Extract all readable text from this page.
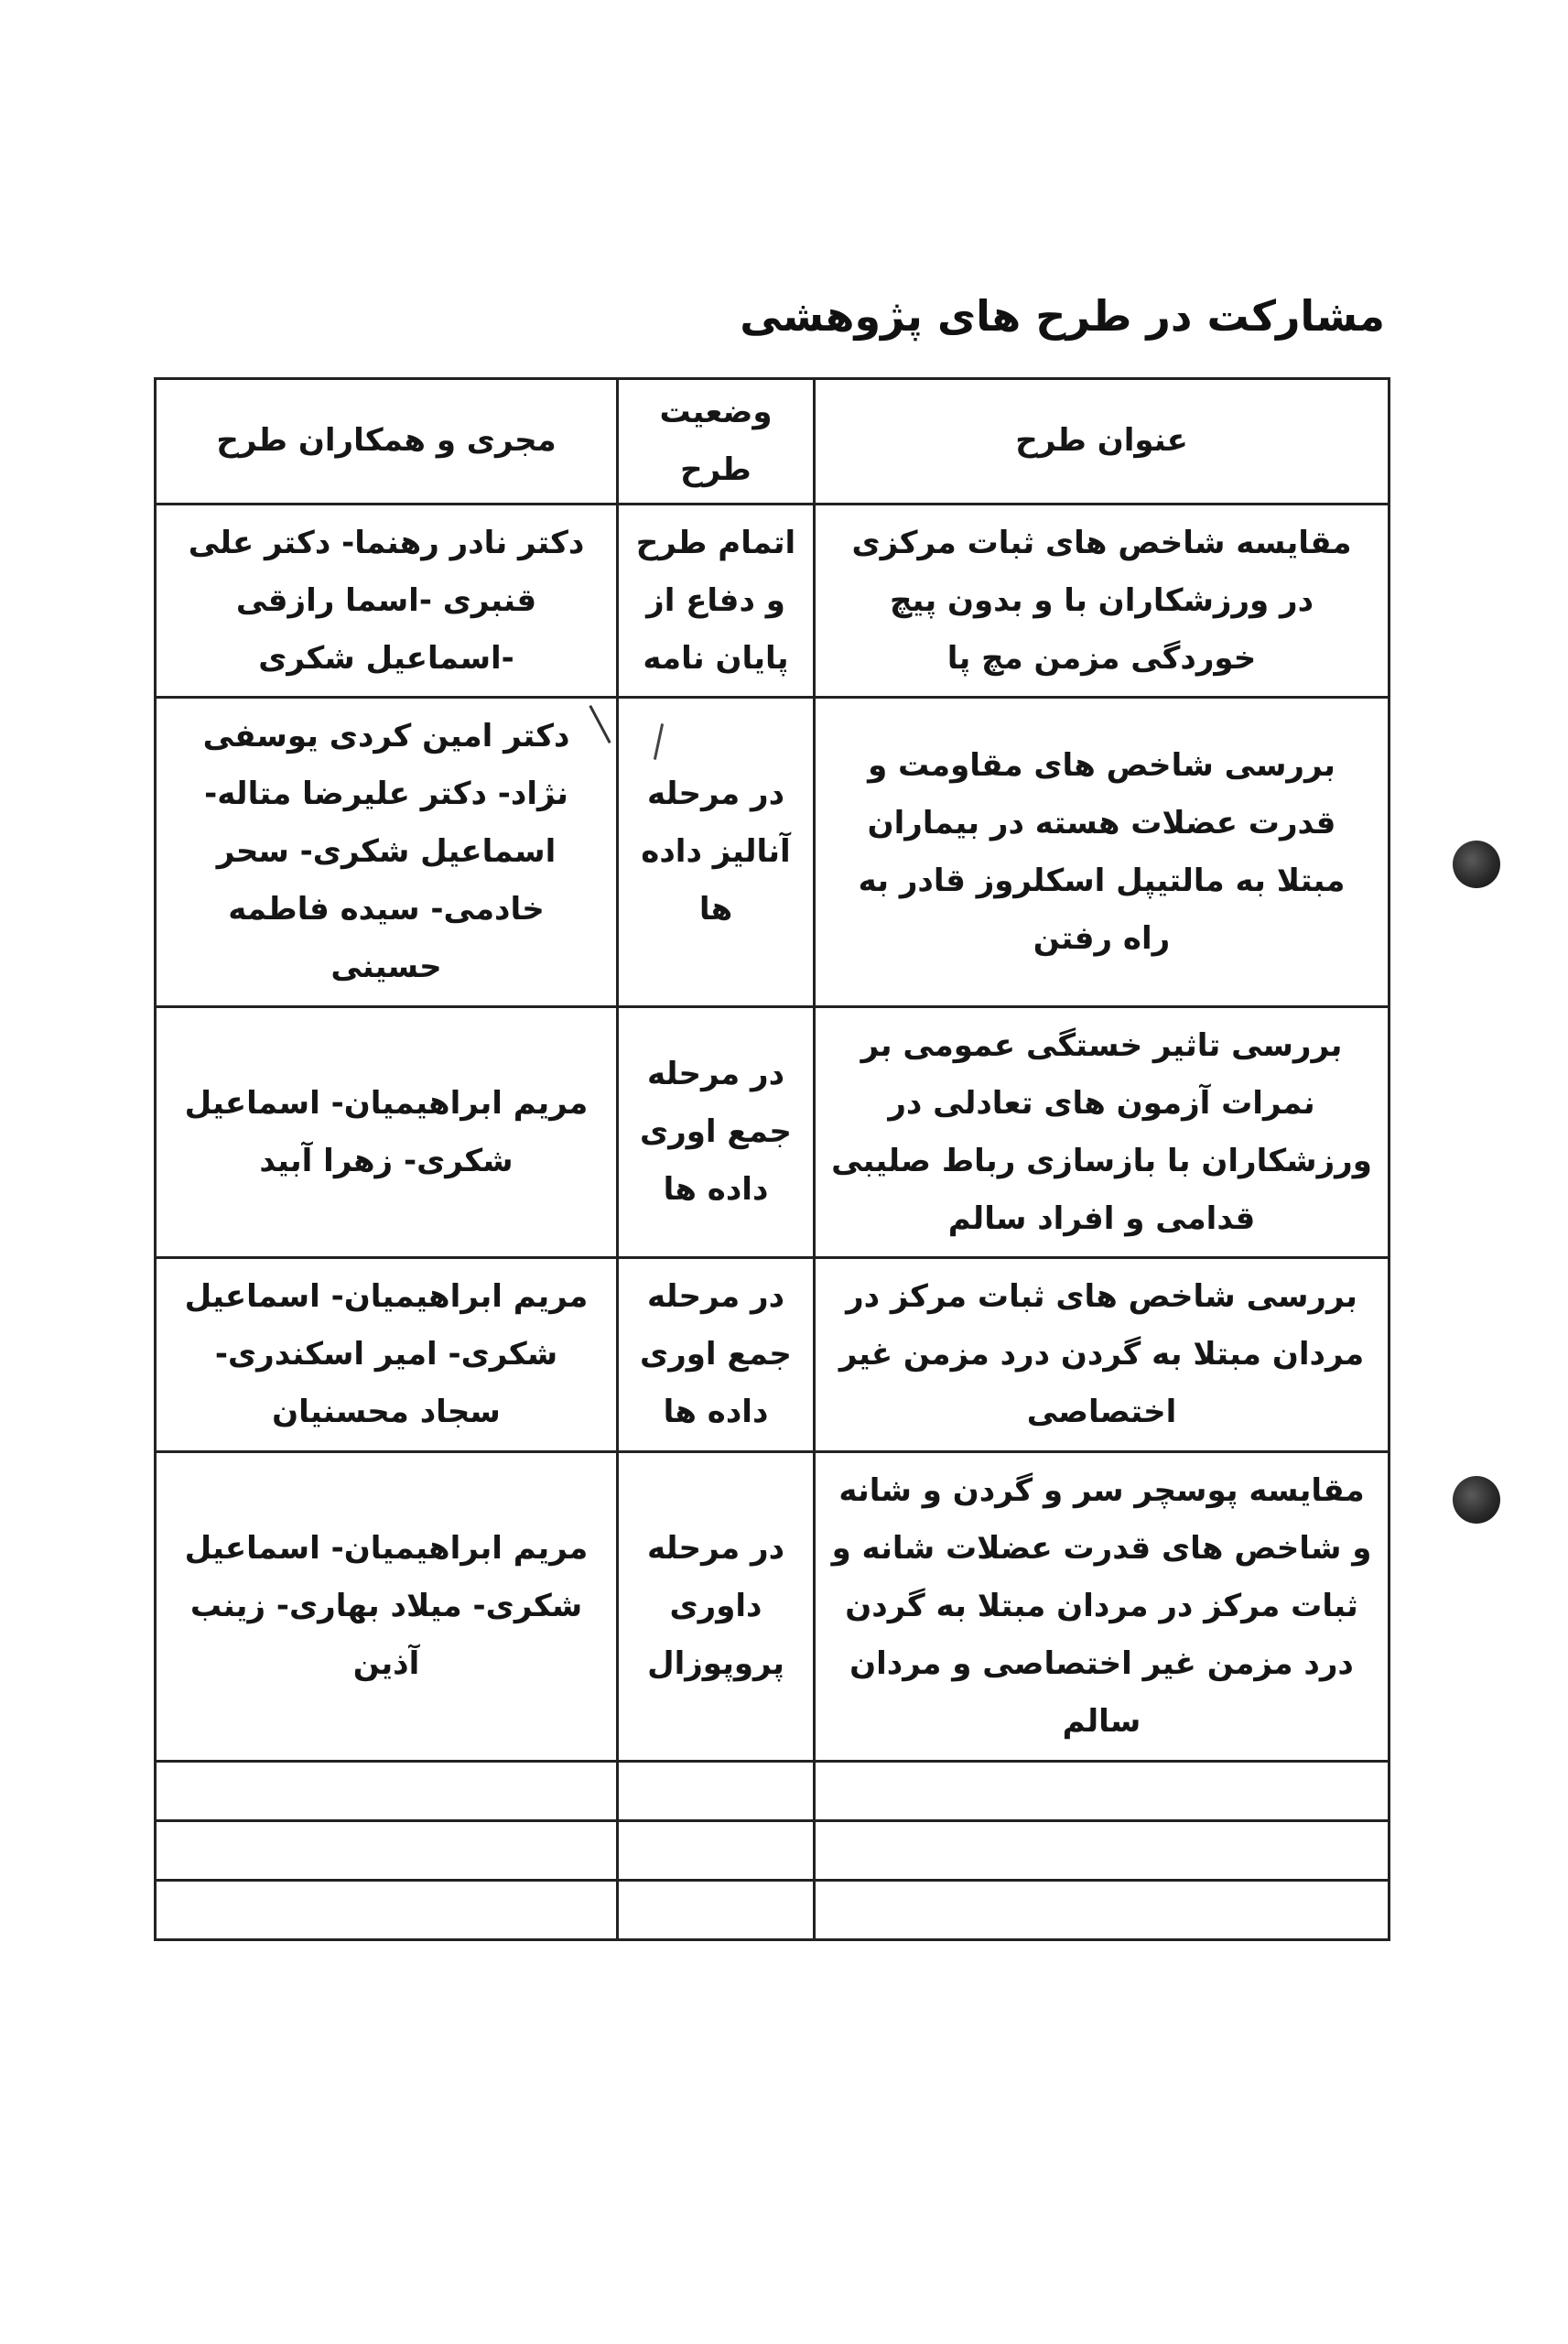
مشارکت در طرح های پژوهشی
عنوان طرح	وضعیت طرح	مجری و همکاران طرح
مقایسه شاخص های ثبات مرکزی در ورزشکاران با و بدون پیچ خوردگی مزمن مچ پا	اتمام طرح و دفاع از پایان نامه	دکتر نادر رهنما- دکتر علی قنبری -اسما رازقی -اسماعیل شکری
بررسی شاخص های مقاومت و قدرت عضلات هسته در بیماران مبتلا به مالتیپل اسکلروز قادر به راه رفتن	در مرحله آنالیز داده ها	دکتر امین کردی یوسفی نژاد- دکتر علیرضا متاله- اسماعیل شکری- سحر خادمی- سیده فاطمه حسینی
بررسی تاثیر خستگی عمومی بر نمرات آزمون های تعادلی در ورزشکاران با بازسازی رباط صلیبی قدامی و افراد سالم	در مرحله جمع اوری داده ها	مریم ابراهیمیان- اسماعیل شکری- زهرا آبید
بررسی شاخص های ثبات مرکز در مردان مبتلا به گردن درد مزمن غیر اختصاصی	در مرحله جمع اوری داده ها	مریم ابراهیمیان- اسماعیل شکری- امیر اسکندری- سجاد محسنیان
مقایسه پوسچر سر و گردن و شانه و شاخص های قدرت عضلات شانه و ثبات مرکز در مردان مبتلا به گردن درد مزمن غیر اختصاصی و مردان سالم	در مرحله داوری پروپوزال	مریم ابراهیمیان- اسماعیل شکری- میلاد بهاری- زینب آذین
